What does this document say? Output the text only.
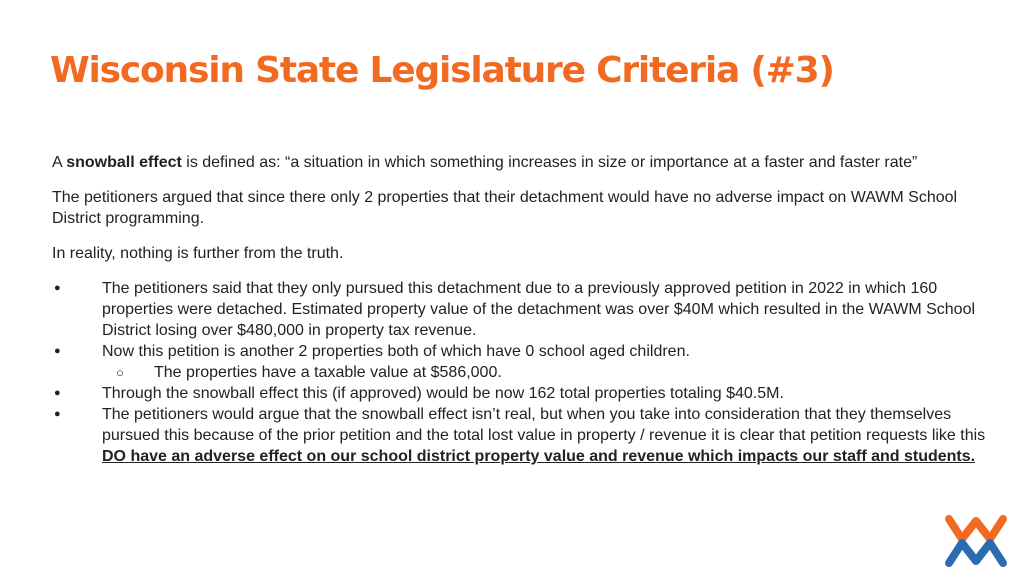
Wisconsin State Legislature Criteria (#3)

A snowball effect is defined as: “a situation in which something increases in size or importance at a faster and faster rate”

The petitioners argued that since there only 2 properties that their detachment would have no adverse impact on WAWM School District programming.

In reality, nothing is further from the truth.

● The petitioners said that they only pursued this detachment due to a previously approved petition in 2022 in which 160 properties were detached. Estimated property value of the detachment was over $40M which resulted in the WAWM School District losing over $480,000 in property tax revenue.
● Now this petition is another 2 properties both of which have 0 school aged children.
○ The properties have a taxable value at $586,000.
● Through the snowball effect this (if approved) would be now 162 total properties totaling $40.5M.
● The petitioners would argue that the snowball effect isn’t real, but when you take into consideration that they themselves pursued this because of the prior petition and the total lost value in property / revenue it is clear that petition requests like this DO have an adverse effect on our school district property value and revenue which impacts our staff and students.
